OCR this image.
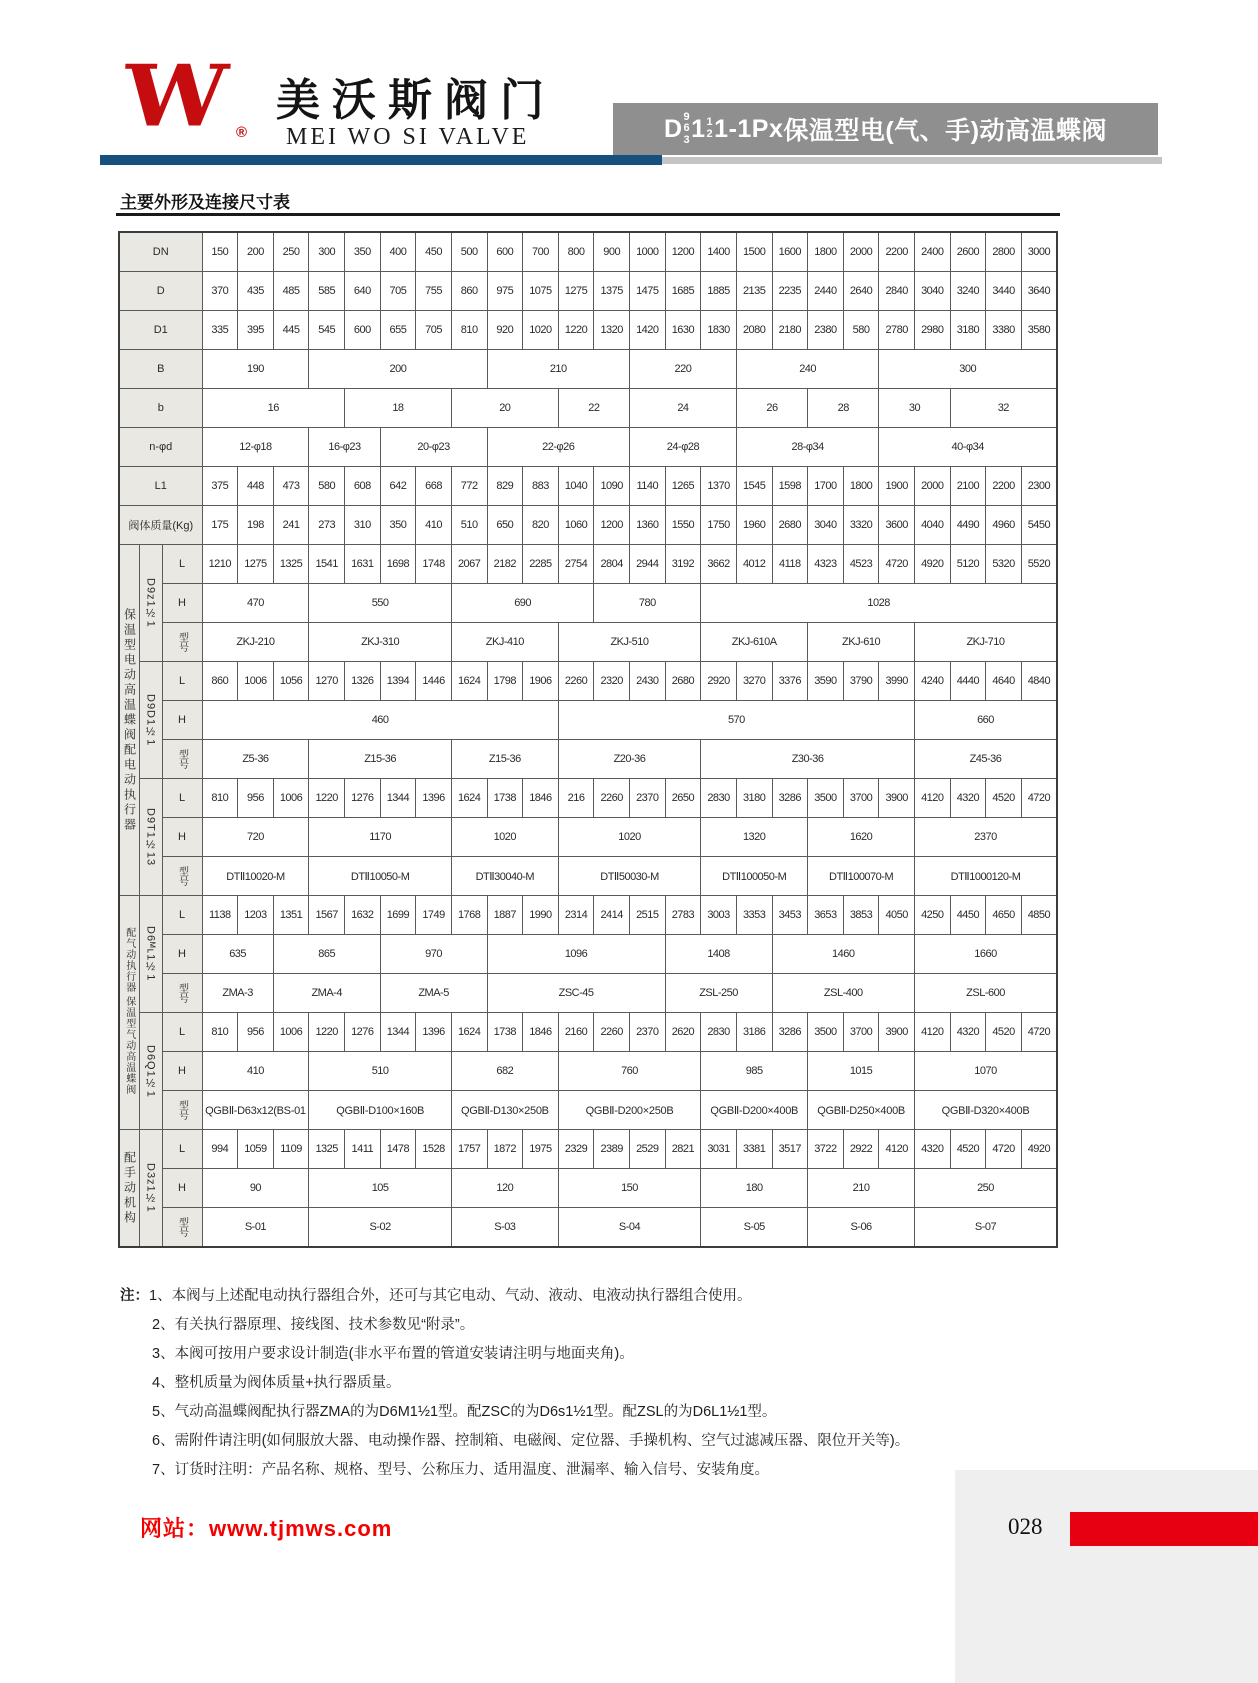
W ®
美沃斯阀门
MEI WO SI VALVE	D 9
6
3 1 1
2 1-1Px 保温型电(气、手)动高温蝶阀
主要外形及连接尺寸表
DN			150	200	250	300	350	400	450	500	600	700	800	900	1000	1200	1400	1500	1600	1800	2000	2200	2400	2600	2800	3000
D			370	435	485	585	640	705	755	860	975	1075	1275	1375	1475	1685	1885	2135	2235	2440	2640	2840	3040	3240	3440	3640
D1			335	395	445	545	600	655	705	810	920	1020	1220	1320	1420	1630	1830	2080	2180	2380	580	2780	2980	3180	3380	3580
B			190			200					210				220			240				300				
b			16				18			20			22		24			26		28		30		32		
n-φd			12-φ18			16-φ23		20-φ23			22-φ26				24-φ28			28-φ34				40-φ34				
L1			375	448	473	580	608	642	668	772	829	883	1040	1090	1140	1265	1370	1545	1598	1700	1800	1900	2000	2100	2200	2300
阀体质量(Kg)			175	198	241	273	310	350	410	510	650	820	1060	1200	1360	1550	1750	1960	2680	3040	3320	3600	4040	4490	4960	5450

保温型电动高温蝶阀配电动执行器	D9z1½1	L	1210	1275	1325	1541	1631	1698	1748	2067	2182	2285	2754	2804	2944	3192	3662	4012	4118	4323	4523	4720	4920	5120	5320	5520
		H	470			550				690				780			1028									

		型号	ZKJ-210			ZKJ-310				ZKJ-410			ZKJ-510				ZKJ-610A			ZKJ-610			ZKJ-710			

	D9D1½1	L	860	1006	1056	1270	1326	1394	1446	1624	1798	1906	2260	2320	2430	2680	2920	3270	3376	3590	3790	3990	4240	4440	4640	4840
		H	460										570										660			

		型号	Z5-36			Z15-36				Z15-36			Z20-36				Z30-36						Z45-36			

	D9T1½13	L	810	956	1006	1220	1276	1344	1396	1624	1738	1846	216	2260	2370	2650	2830	3180	3286	3500	3700	3900	4120	4320	4520	4720
		H	720			1170				1020			1020				1320			1620			2370			

		型号	DTⅡ10020-M			DTⅡ10050-M				DTⅡ30040-M			DTⅡ50030-M				DTⅡ100050-M			DTⅡ100070-M			DTⅡ1000120-M			
配气动执行器保温型气动高温蝶阀	D6ᴹʟ1½1	L	1138	1203	1351	1567	1632	1699	1749	1768	1887	1990	2314	2414	2515	2783	3003	3353	3453	3653	3853	4050	4250	4450	4650	4850
		H	635		865			970			1096					1408			1460				1660			

		型号	ZMA-3		ZMA-4			ZMA-5			ZSC-45					ZSL-250			ZSL-400				ZSL-600			

	D6Q1½1	L	810	956	1006	1220	1276	1344	1396	1624	1738	1846	2160	2260	2370	2620	2830	3186	3286	3500	3700	3900	4120	4320	4520	4720
		H	410			510				682			760				985			1015			1070			

		型号	QGBⅡ-D63x12(BS-01			QGBⅡ-D100×160B				QGBⅡ-D130×250B			QGBⅡ-D200×250B				QGBⅡ-D200×400B			QGBⅡ-D250×400B			QGBⅡ-D320×400B			

配手动机构	D3z1½1	L	994	1059	1109	1325	1411	1478	1528	1757	1872	1975	2329	2389	2529	2821	3031	3381	3517	3722	2922	4120	4320	4520	4720	4920
		H	90			105				120			150				180			210			250			

		型号	S-01			S-02				S-03			S-04				S-05			S-06			S-07			
注：1、本阀与上述配电动执行器组合外，还可与其它电动、气动、液动、电液动执行器组合使用。
2、有关执行器原理、接线图、技术参数见“附录”。
3、本阀可按用户要求设计制造(非水平布置的管道安装请注明与地面夹角)。
4、整机质量为阀体质量+执行器质量。
5、气动高温蝶阀配执行器ZMA的为D6M1½1型。配ZSC的为D6s1½1型。配ZSL的为D6L1½1型。
6、需附件请注明(如伺服放大器、电动操作器、控制箱、电磁阀、定位器、手操机构、空气过滤减压器、限位开关等)。
7、订货时注明：产品名称、规格、型号、公称压力、适用温度、泄漏率、输入信号、安装角度。
网站：www.tjmws.com	028
